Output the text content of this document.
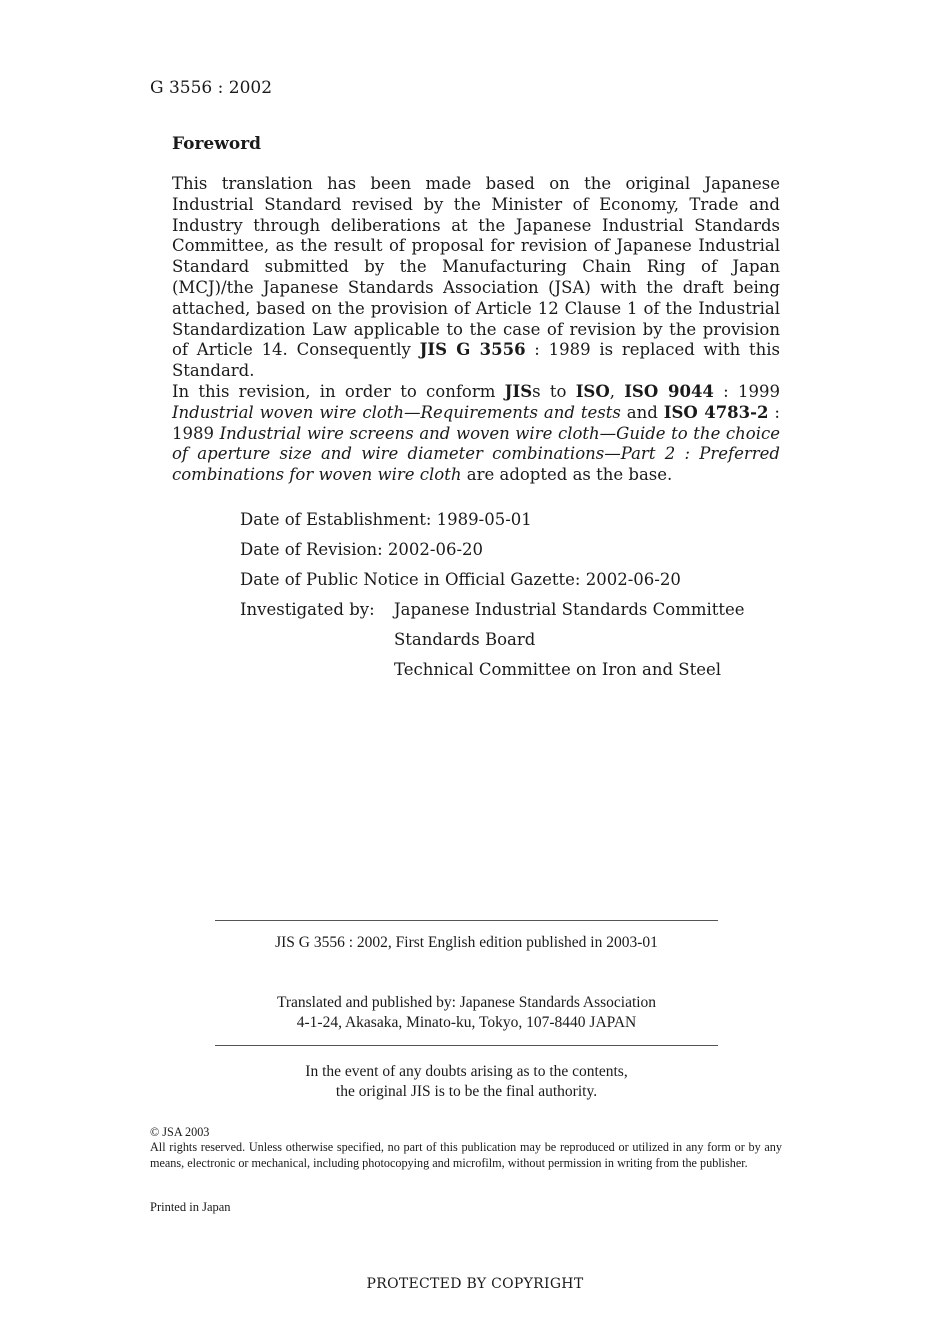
G 3556 : 2002
Foreword

This translation has been made based on the original Japanese Industrial Standard revised by the Minister of Economy, Trade and Industry through deliberations at the Japanese Industrial Standards Committee, as the result of proposal for revision of Japanese Industrial Standard submitted by the Manufacturing Chain Ring of Japan (MCJ)/the Japanese Standards Association (JSA) with the draft being attached, based on the provision of Article 12 Clause 1 of the Industrial Standardization Law applicable to the case of revision by the provision of Article 14. Consequently JIS G 3556 : 1989 is replaced with this Standard.

In this revision, in order to conform JISs to ISO, ISO 9044 : 1999 Industrial woven wire cloth—Requirements and tests and ISO 4783-2 : 1989 Industrial wire screens and woven wire cloth—Guide to the choice of aperture size and wire diameter combinations—Part 2 : Preferred combinations for woven wire cloth are adopted as the base.

Date of Establishment: 1989-05-01
Date of Revision: 2002-06-20
Date of Public Notice in Official Gazette: 2002-06-20
Investigated by: Japanese Industrial Standards Committee
Standards Board
Technical Committee on Iron and Steel
JIS G 3556 : 2002, First English edition published in 2003-01
Translated and published by: Japanese Standards Association
4-1-24, Akasaka, Minato-ku, Tokyo, 107-8440 JAPAN
In the event of any doubts arising as to the contents,
the original JIS is to be the final authority.
© JSA 2003
All rights reserved. Unless otherwise specified, no part of this publication may be reproduced or utilized in any form or by any means, electronic or mechanical, including photocopying and microfilm, without permission in writing from the publisher.
Printed in Japan
PROTECTED BY COPYRIGHT
